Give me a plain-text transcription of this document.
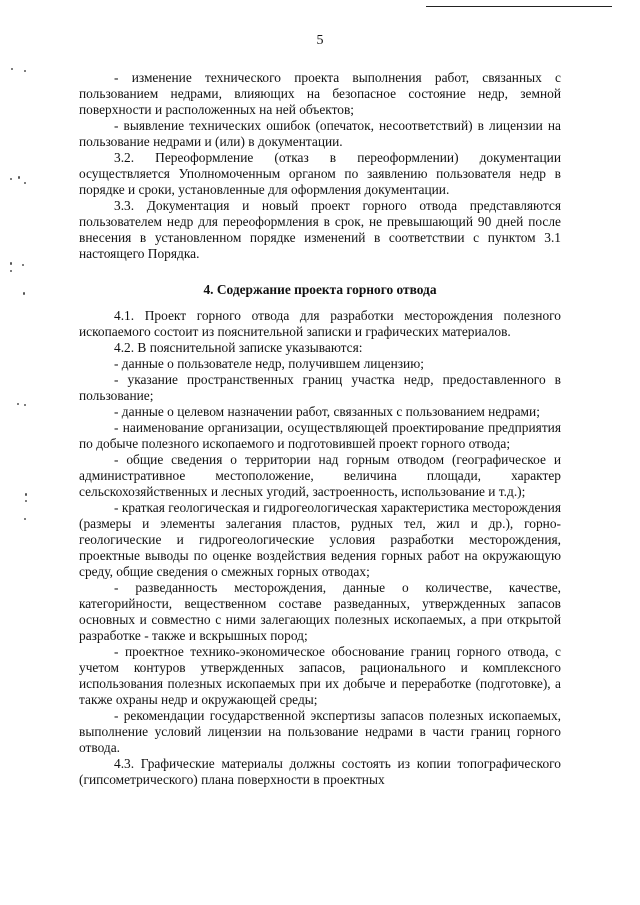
5

- изменение технического проекта выполнения работ, связанных с пользованием недрами, влияющих на безопасное состояние недр, земной поверхности и расположенных на ней объектов;

- выявление технических ошибок (опечаток, несоответствий) в лицензии на пользование недрами и (или) в документации.

3.2. Переоформление (отказ в переоформлении) документации осуществляется Уполномоченным органом по заявлению пользователя недр в порядке и сроки, установленные для оформления документации.

3.3. Документация и новый проект горного отвода представляются пользователем недр для переоформления в срок, не превышающий 90 дней после внесения в установленном порядке изменений в соответствии с пунктом 3.1 настоящего Порядка.

4. Содержание проекта горного отвода

4.1. Проект горного отвода для разработки месторождения полезного ископаемого состоит из пояснительной записки и графических материалов.

4.2. В пояснительной записке указываются:

- данные о пользователе недр, получившем лицензию;

- указание пространственных границ участка недр, предоставленного в пользование;

- данные о целевом назначении работ, связанных с пользованием недрами;

- наименование организации, осуществляющей проектирование предприятия по добыче полезного ископаемого и подготовившей проект горного отвода;

- общие сведения о территории над горным отводом (географическое и административное местоположение, величина площади, характер сельскохозяйственных и лесных угодий, застроенность, использование и т.д.);

- краткая геологическая и гидрогеологическая характеристика месторождения (размеры и элементы залегания пластов, рудных тел, жил и др.), горно-геологические и гидрогеологические условия разработки месторождения, проектные выводы по оценке воздействия ведения горных работ на окружающую среду, общие сведения о смежных горных отводах;

- разведанность месторождения, данные о количестве, качестве, категорийности, вещественном составе разведанных, утвержденных запасов основных и совместно с ними залегающих полезных ископаемых, а при открытой разработке - также и вскрышных пород;

- проектное технико-экономическое обоснование границ горного отвода, с учетом контуров утвержденных запасов, рационального и комплексного использования полезных ископаемых при их добыче и переработке (подготовке), а также охраны недр и окружающей среды;

- рекомендации государственной экспертизы запасов полезных ископаемых, выполнение условий лицензии на пользование недрами в части границ горного отвода.

4.3. Графические материалы должны состоять из копии топографического (гипсометрического) плана поверхности в проектных
